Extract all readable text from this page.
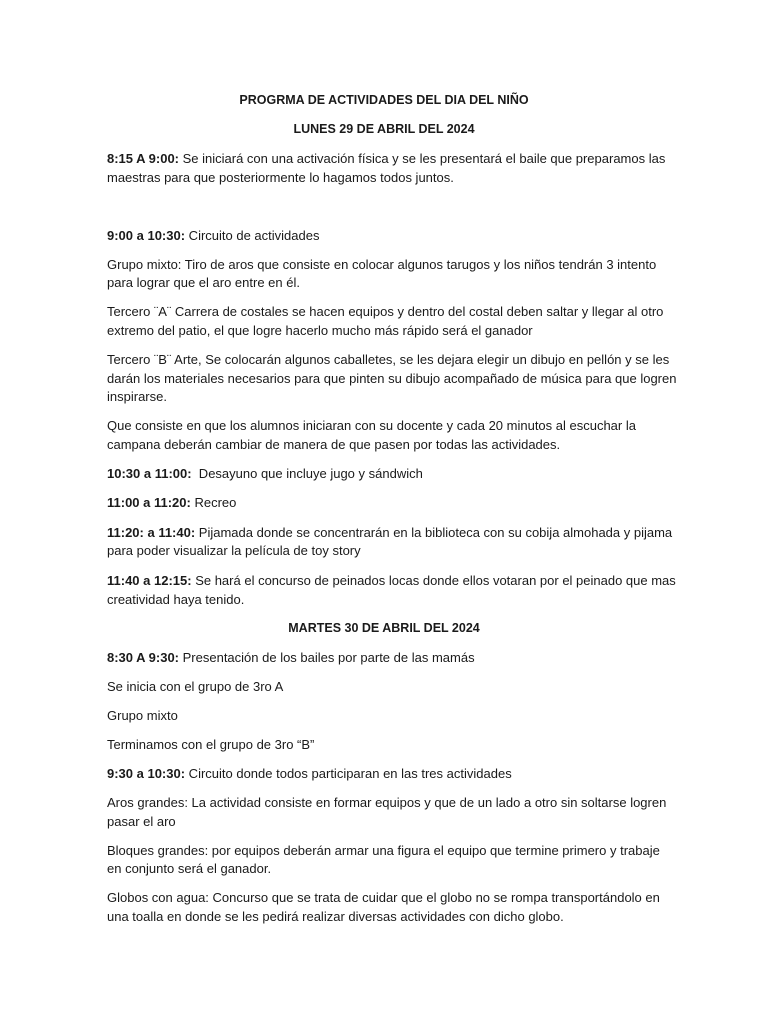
PROGRMA DE ACTIVIDADES DEL DIA DEL NIÑO
LUNES 29 DE ABRIL DEL 2024
8:15 A 9:00: Se iniciará con una activación física y se les presentará el baile que preparamos las
maestras para que posteriormente lo hagamos todos juntos.
9:00 a 10:30: Circuito de actividades
Grupo mixto: Tiro de aros que consiste en colocar algunos tarugos y los niños tendrán 3 intento
para lograr que el aro entre en él.
Tercero ¨A¨ Carrera de costales se hacen equipos y dentro del costal deben saltar y llegar al otro
extremo del patio, el que logre hacerlo mucho más rápido será el ganador
Tercero ¨B¨ Arte, Se colocarán algunos caballetes, se les dejara elegir un dibujo en pellón y se les
darán los materiales necesarios para que pinten su dibujo acompañado de música para que logren
inspirarse.
Que consiste en que los alumnos iniciaran con su docente y cada 20 minutos al escuchar la
campana deberán cambiar de manera de que pasen por todas las actividades.
10:30 a 11:00:  Desayuno que incluye jugo y sándwich
11:00 a 11:20: Recreo
11:20: a 11:40: Pijamada donde se concentrarán en la biblioteca con su cobija almohada y pijama
para poder visualizar la película de toy story
11:40 a 12:15: Se hará el concurso de peinados locas donde ellos votaran por el peinado que mas
creatividad haya tenido.
MARTES 30 DE ABRIL DEL 2024
8:30 A 9:30: Presentación de los bailes por parte de las mamás
Se inicia con el grupo de 3ro A
Grupo mixto
Terminamos con el grupo de 3ro “B”
9:30 a 10:30: Circuito donde todos participaran en las tres actividades
Aros grandes: La actividad consiste en formar equipos y que de un lado a otro sin soltarse logren
pasar el aro
Bloques grandes: por equipos deberán armar una figura el equipo que termine primero y trabaje
en conjunto será el ganador.
Globos con agua: Concurso que se trata de cuidar que el globo no se rompa transportándolo en
una toalla en donde se les pedirá realizar diversas actividades con dicho globo.
